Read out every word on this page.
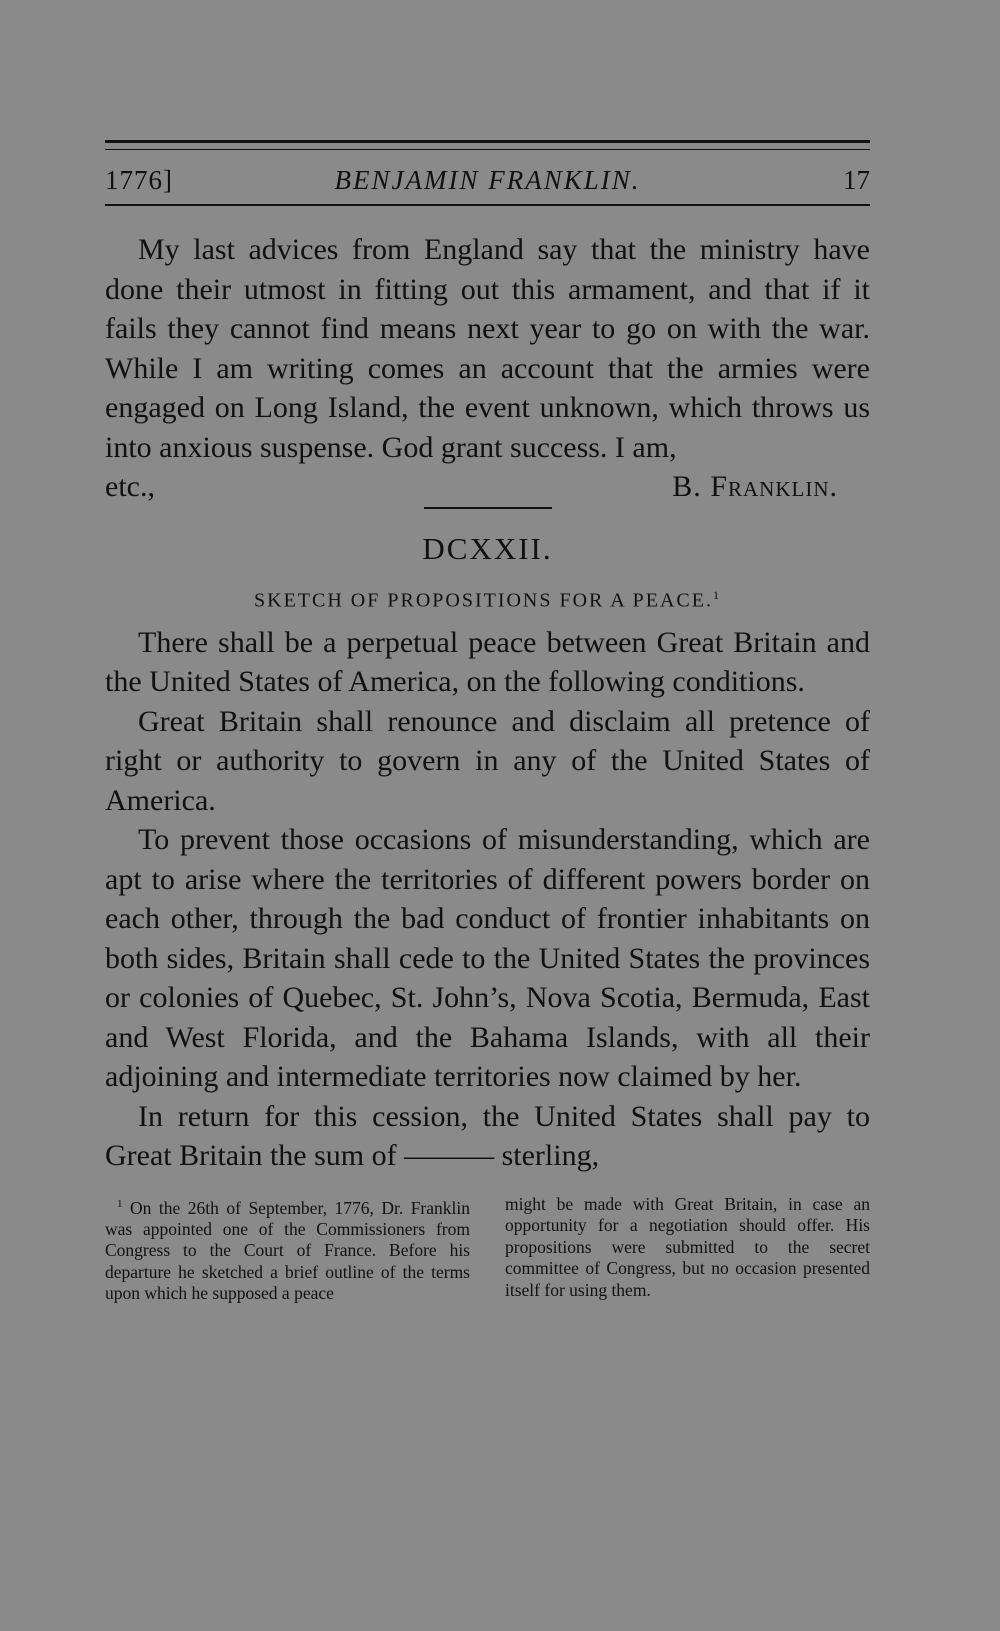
1776]	BENJAMIN FRANKLIN.	17

My last advices from England say that the ministry have done their utmost in fitting out this armament, and that if it fails they cannot find means next year to go on with the war. While I am writing comes an account that the armies were engaged on Long Island, the event unknown, which throws us into anxious suspense. God grant success. I am,

etc.,	B. Franklin.
DCXXII.
SKETCH OF PROPOSITIONS FOR A PEACE.$^1$

There shall be a perpetual peace between Great Britain and the United States of America, on the following conditions.

Great Britain shall renounce and disclaim all pretence of right or authority to govern in any of the United States of America.

To prevent those occasions of misunderstanding, which are apt to arise where the territories of different powers border on each other, through the bad conduct of frontier inhabitants on both sides, Britain shall cede to the United States the provinces or colonies of Quebec, St. John’s, Nova Scotia, Bermuda, East and West Florida, and the Bahama Islands, with all their adjoining and intermediate territories now claimed by her.

In return for this cession, the United States shall pay to Great Britain the sum of ——— sterling,

$^1$ On the 26th of September, 1776, Dr. Franklin was appointed one of the Commissioners from Congress to the Court of France. Before his departure he sketched a brief outline of the terms upon which he supposed a peace
might be made with Great Britain, in case an opportunity for a negotiation should offer. His propositions were submitted to the secret committee of Congress, but no occasion presented itself for using them.
